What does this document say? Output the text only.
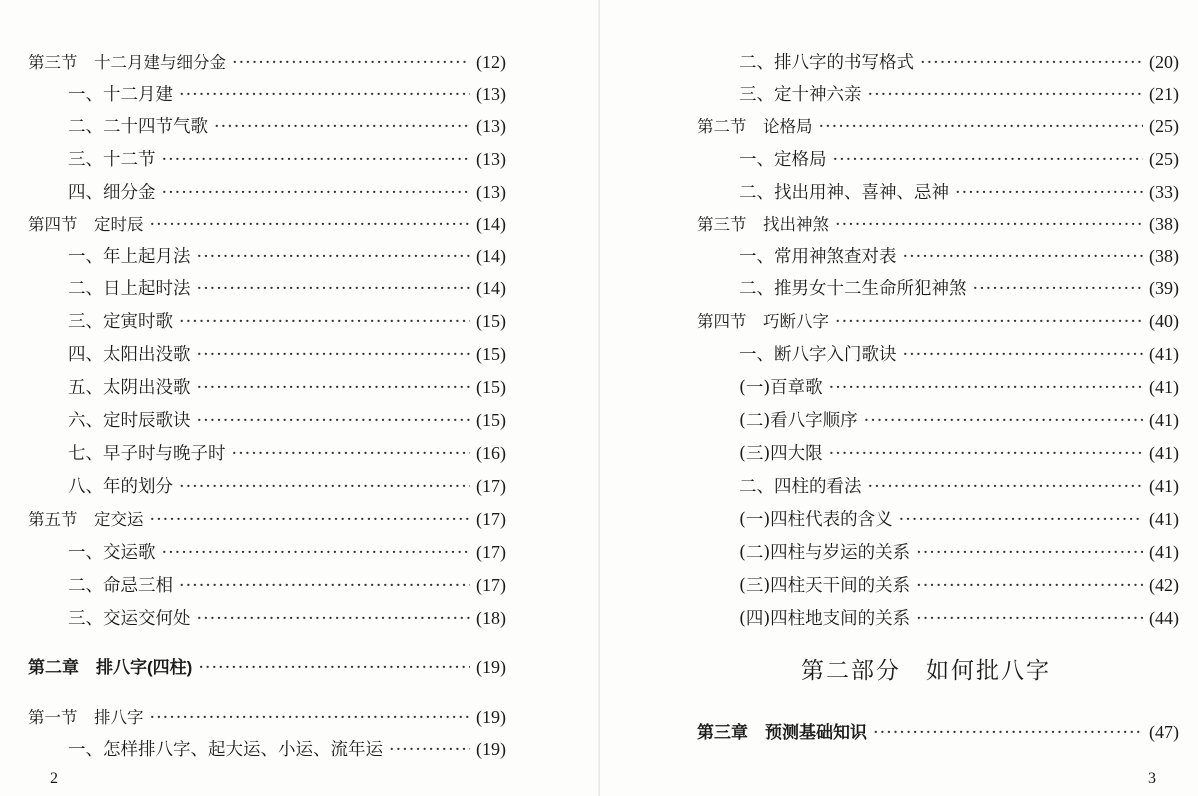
第三节　十二月建与细分金 ·····	(12)
一、十二月建 ·····	(13)
二、二十四节气歌 ·····	(13)
三、十二节 ·····	(13)
四、细分金 ·····	(13)
第四节　定时辰 ·····	(14)
一、年上起月法 ·····	(14)
二、日上起时法 ·····	(14)
三、定寅时歌 ·····	(15)
四、太阳出没歌 ·····	(15)
五、太阴出没歌 ·····	(15)
六、定时辰歌诀 ·····	(15)
七、早子时与晚子时 ·····	(16)
八、年的划分 ·····	(17)
第五节　定交运 ·····	(17)
一、交运歌 ·····	(17)
二、命忌三相 ·····	(17)
三、交运交何处 ·····	(18)
第二章　排八字(四柱) ·····	(19)
第一节　排八字 ·····	(19)
一、怎样排八字、起大运、小运、流年运 ·····	(19)
2
二、排八字的书写格式 ·····	(20)
三、定十神六亲 ·····	(21)
第二节　论格局 ·····	(25)
一、定格局 ·····	(25)
二、找出用神、喜神、忌神 ·····	(33)
第三节　找出神煞 ·····	(38)
一、常用神煞查对表 ·····	(38)
二、推男女十二生命所犯神煞 ·····	(39)
第四节　巧断八字 ·····	(40)
一、断八字入门歌诀 ·····	(41)
(一)百章歌 ·····	(41)
(二)看八字顺序 ·····	(41)
(三)四大限 ·····	(41)
二、四柱的看法 ·····	(41)
(一)四柱代表的含义 ·····	(41)
(二)四柱与岁运的关系 ·····	(41)
(三)四柱天干间的关系 ·····	(42)
(四)四柱地支间的关系 ·····	(44)
第二部分　如何批八字
第三章　预测基础知识 ·····	(47)
3
